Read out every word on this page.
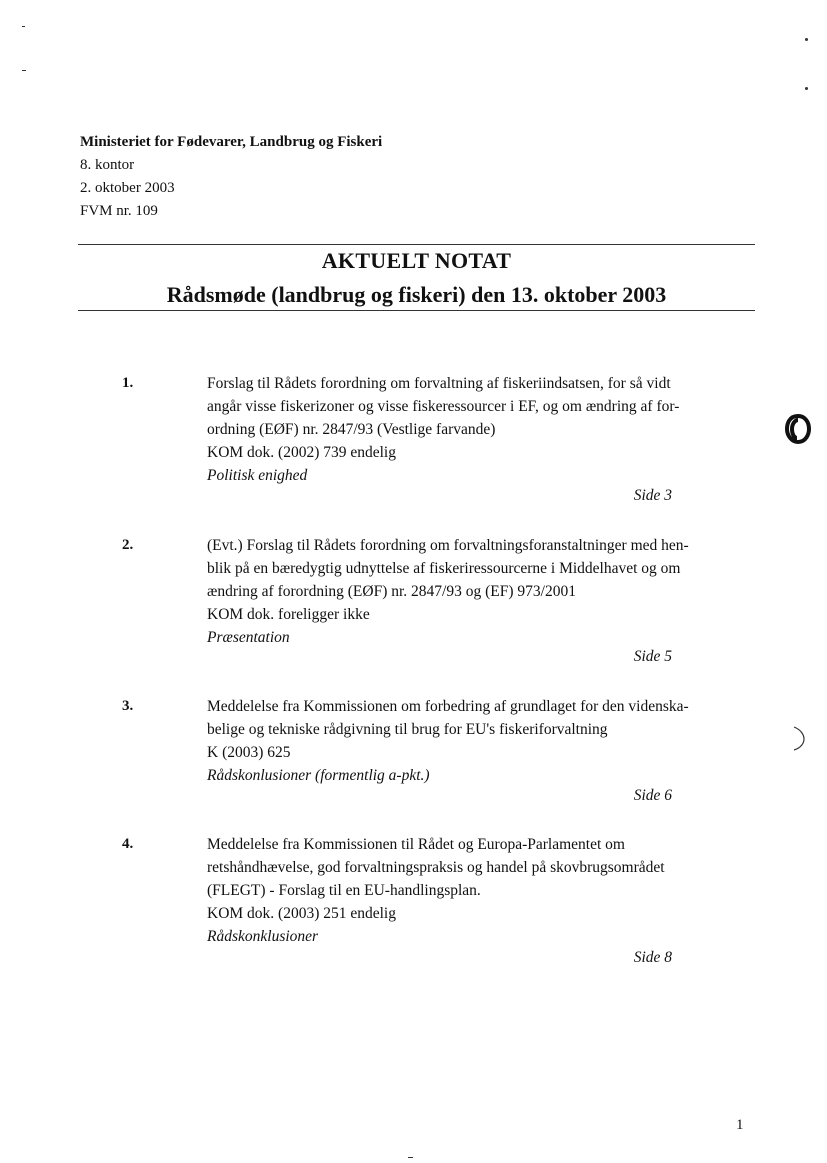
Ministeriet for Fødevarer, Landbrug og Fiskeri
8. kontor
2. oktober 2003
FVM nr. 109
AKTUELT NOTAT
Rådsmøde (landbrug og fiskeri) den 13. oktober 2003
1.	Forslag til Rådets forordning om forvaltning af fiskeriindsatsen, for så vidt
angår visse fiskerizoner og visse fiskeressourcer i EF, og om ændring af for-
ordning (EØF) nr. 2847/93 (Vestlige farvande)
KOM dok. (2002) 739 endelig
Politisk enighed
Side 3
2.	(Evt.) Forslag til Rådets forordning om forvaltningsforanstaltninger med hen-
blik på en bæredygtig udnyttelse af fiskeriressourcerne i Middelhavet og om
ændring af forordning (EØF) nr. 2847/93 og (EF) 973/2001
KOM dok. foreligger ikke
Præsentation
Side 5
3.	Meddelelse fra Kommissionen om forbedring af grundlaget for den videnska-
belige og tekniske rådgivning til brug for EU's fiskeriforvaltning
K (2003) 625
Rådskonlusioner (formentlig a-pkt.)
Side 6
4.	Meddelelse fra Kommissionen til Rådet og Europa-Parlamentet om
retshåndhævelse, god forvaltningspraksis og handel på skovbrugsområdet
(FLEGT) - Forslag til en EU-handlingsplan.
KOM dok. (2003) 251 endelig
Rådskonklusioner
Side 8
1
